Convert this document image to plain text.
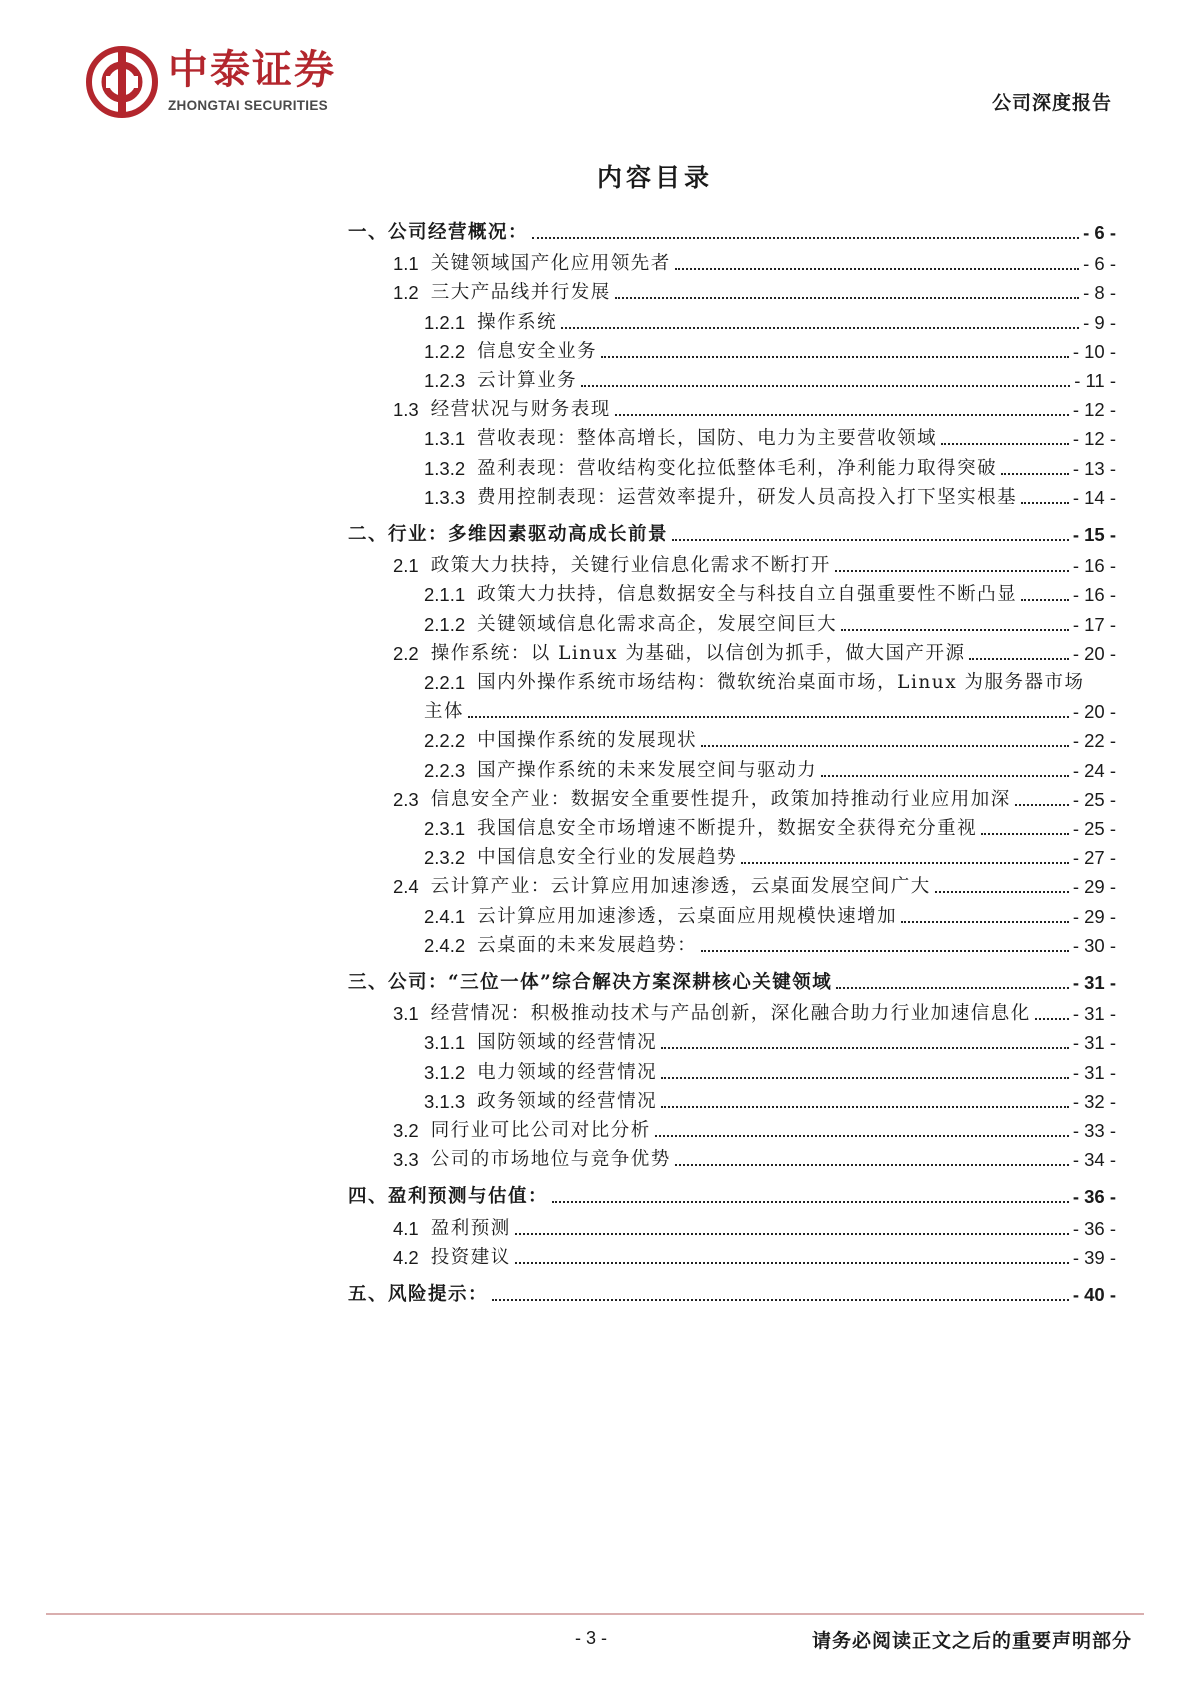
中泰证券
ZHONGTAI SECURITIES	公司深度报告
内容目录
一、公司经营概况：	- 6 -
1.1 关键领域国产化应用领先者	- 6 -
1.2 三大产品线并行发展	- 8 -
1.2.1 操作系统	- 9 -
1.2.2 信息安全业务	- 10 -
1.2.3 云计算业务	- 11 -
1.3 经营状况与财务表现	- 12 -
1.3.1 营收表现：整体高增长，国防、电力为主要营收领域	- 12 -
1.3.2 盈利表现：营收结构变化拉低整体毛利，净利能力取得突破	- 13 -
1.3.3 费用控制表现：运营效率提升，研发人员高投入打下坚实根基	- 14 -
二、行业：多维因素驱动高成长前景	- 15 -
2.1 政策大力扶持，关键行业信息化需求不断打开	- 16 -
2.1.1 政策大力扶持，信息数据安全与科技自立自强重要性不断凸显	- 16 -
2.1.2 关键领域信息化需求高企，发展空间巨大	- 17 -
2.2 操作系统：以 Linux 为基础，以信创为抓手，做大国产开源	- 20 -
2.2.1 国内外操作系统市场结构：微软统治桌面市场，Linux 为服务器市场
主体	- 20 -
2.2.2 中国操作系统的发展现状	- 22 -
2.2.3 国产操作系统的未来发展空间与驱动力	- 24 -
2.3 信息安全产业：数据安全重要性提升，政策加持推动行业应用加深	- 25 -
2.3.1 我国信息安全市场增速不断提升，数据安全获得充分重视	- 25 -
2.3.2 中国信息安全行业的发展趋势	- 27 -
2.4 云计算产业：云计算应用加速渗透，云桌面发展空间广大	- 29 -
2.4.1 云计算应用加速渗透，云桌面应用规模快速增加	- 29 -
2.4.2 云桌面的未来发展趋势：	- 30 -
三、公司：“三位一体”综合解决方案深耕核心关键领域	- 31 -
3.1 经营情况：积极推动技术与产品创新，深化融合助力行业加速信息化 - 31 -
3.1.1 国防领域的经营情况	- 31 -
3.1.2 电力领域的经营情况	- 31 -
3.1.3 政务领域的经营情况	- 32 -
3.2 同行业可比公司对比分析	- 33 -
3.3 公司的市场地位与竞争优势	- 34 -
四、盈利预测与估值：	- 36 -
4.1 盈利预测	- 36 -
4.2 投资建议	- 39 -
五、风险提示：	- 40 -
- 3 -	请务必阅读正文之后的重要声明部分
